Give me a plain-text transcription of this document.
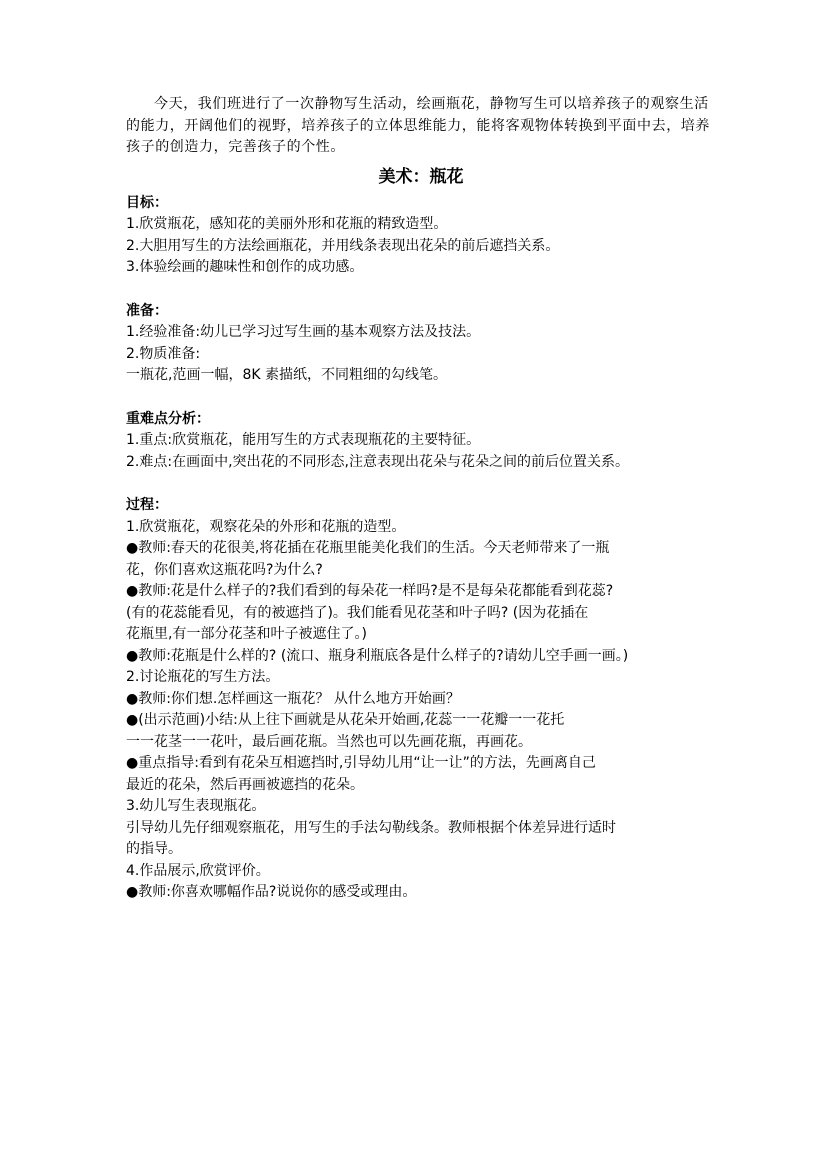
今天，我们班进行了一次静物写生活动，绘画瓶花，静物写生可以培养孩子的观察生活的能力，开阔他们的视野，培养孩子的立体思维能力，能将客观物体转换到平面中去，培养孩子的创造力，完善孩子的个性。

美术：瓶花

目标：

1.欣赏瓶花，感知花的美丽外形和花瓶的精致造型。

2.大胆用写生的方法绘画瓶花，并用线条表现出花朵的前后遮挡关系。

3.体验绘画的趣味性和创作的成功感。

准备：

1.经验准备:幼儿已学习过写生画的基本观察方法及技法。

2.物质准备:

一瓶花,范画一幅，8K 素描纸，不同粗细的勾线笔。

重难点分析：

1.重点:欣赏瓶花，能用写生的方式表现瓶花的主要特征。

2.难点:在画面中,突出花的不同形态,注意表现出花朵与花朵之间的前后位置关系。

过程：

1.欣赏瓶花，观察花朵的外形和花瓶的造型。

●教师:春天的花很美,将花插在花瓶里能美化我们的生活。今天老师带来了一瓶

花，你们喜欢这瓶花吗?为什么?

●教师:花是什么样子的?我们看到的每朵花一样吗?是不是每朵花都能看到花蕊?

(有的花蕊能看见，有的被遮挡了)。我们能看见花茎和叶子吗? (因为花插在

花瓶里,有一部分花茎和叶子被遮住了。)

●教师:花瓶是什么样的? (流口、瓶身利瓶底各是什么样子的?请幼儿空手画一画。)

2.讨论瓶花的写生方法。

●教师:你们想.怎样画这一瓶花？ 从什么地方开始画？

●(出示范画)小结:从上往下画就是从花朵开始画,花蕊一一花瓣一一花托

一一花茎一一花叶，最后画花瓶。当然也可以先画花瓶，再画花。

●重点指导:看到有花朵互相遮挡时,引导幼儿用“让一让”的方法，先画离自己

最近的花朵，然后再画被遮挡的花朵。

3.幼儿写生表现瓶花。

引导幼儿先仔细观察瓶花，用写生的手法勾勒线条。教师根据个体差异进行适时

的指导。

4.作品展示,欣赏评价。

●教师:你喜欢哪幅作品?说说你的感受或理由。
